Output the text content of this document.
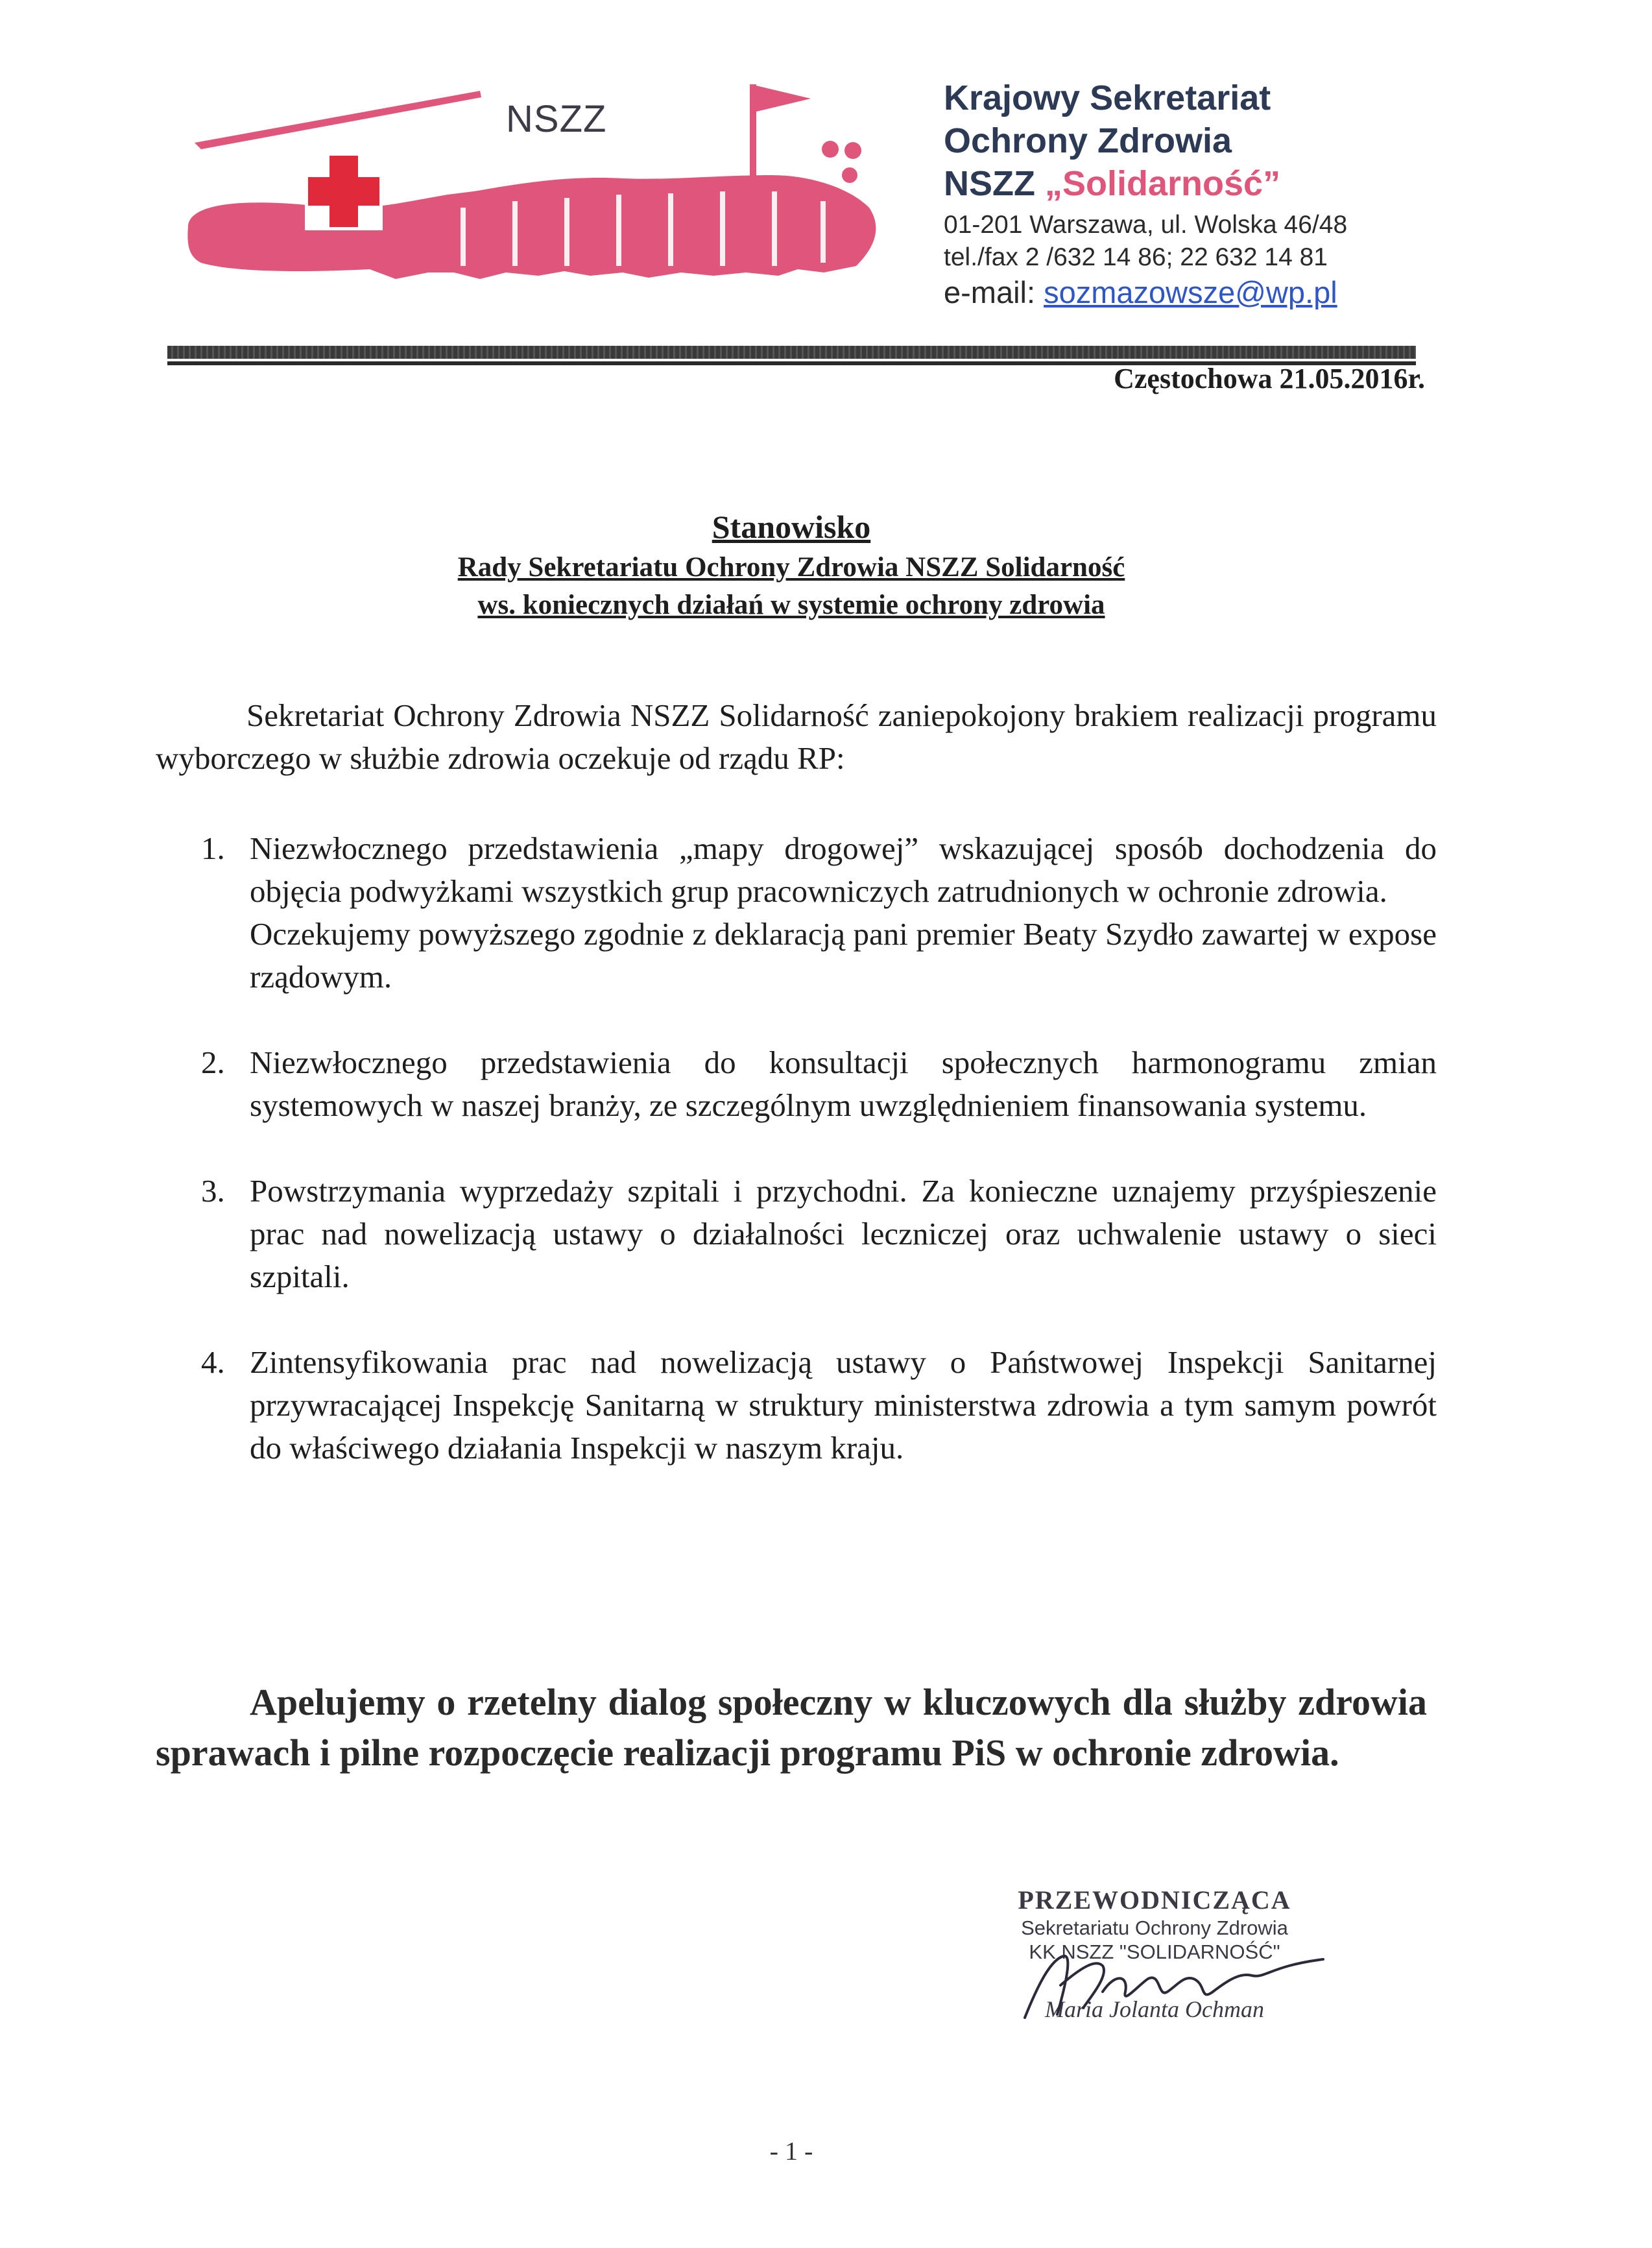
NSZZ	Krajowy Sekretariat
Ochrony Zdrowia
NSZZ „Solidarność”
01-201 Warszawa, ul. Wolska 46/48
tel./fax 2 /632 14 86; 22 632 14 81
e-mail: sozmazowsze@wp.pl
Częstochowa 21.05.2016r.
Stanowisko
Rady Sekretariatu Ochrony Zdrowia NSZZ Solidarność
ws. koniecznych działań w systemie ochrony zdrowia

Sekretariat Ochrony Zdrowia NSZZ Solidarność zaniepokojony brakiem realizacji programu wyborczego w służbie zdrowia oczekuje od rządu RP:

1. Niezwłocznego przedstawienia „mapy drogowej” wskazującej sposób dochodzenia do objęcia podwyżkami wszystkich grup pracowniczych zatrudnionych w ochronie zdrowia.

Oczekujemy powyższego zgodnie z deklaracją pani premier Beaty Szydło zawartej w expose rządowym.

2. Niezwłocznego przedstawienia do konsultacji społecznych harmonogramu zmian systemowych w naszej branży, ze szczególnym uwzględnieniem finansowania systemu.

3. Powstrzymania wyprzedaży szpitali i przychodni. Za konieczne uznajemy przyśpieszenie prac nad nowelizacją ustawy o działalności leczniczej oraz uchwalenie ustawy o sieci szpitali.

4. Zintensyfikowania prac nad nowelizacją ustawy o Państwowej Inspekcji Sanitarnej przywracającej Inspekcję Sanitarną w struktury ministerstwa zdrowia a tym samym powrót do właściwego działania Inspekcji w naszym kraju.

Apelujemy o rzetelny dialog społeczny w kluczowych dla służby zdrowia sprawach i pilne rozpoczęcie realizacji programu PiS w ochronie zdrowia.
PRZEWODNICZĄCA
Sekretariatu Ochrony Zdrowia
KK NSZZ "SOLIDARNOŚĆ"
Maria Jolanta Ochman
- 1 -
